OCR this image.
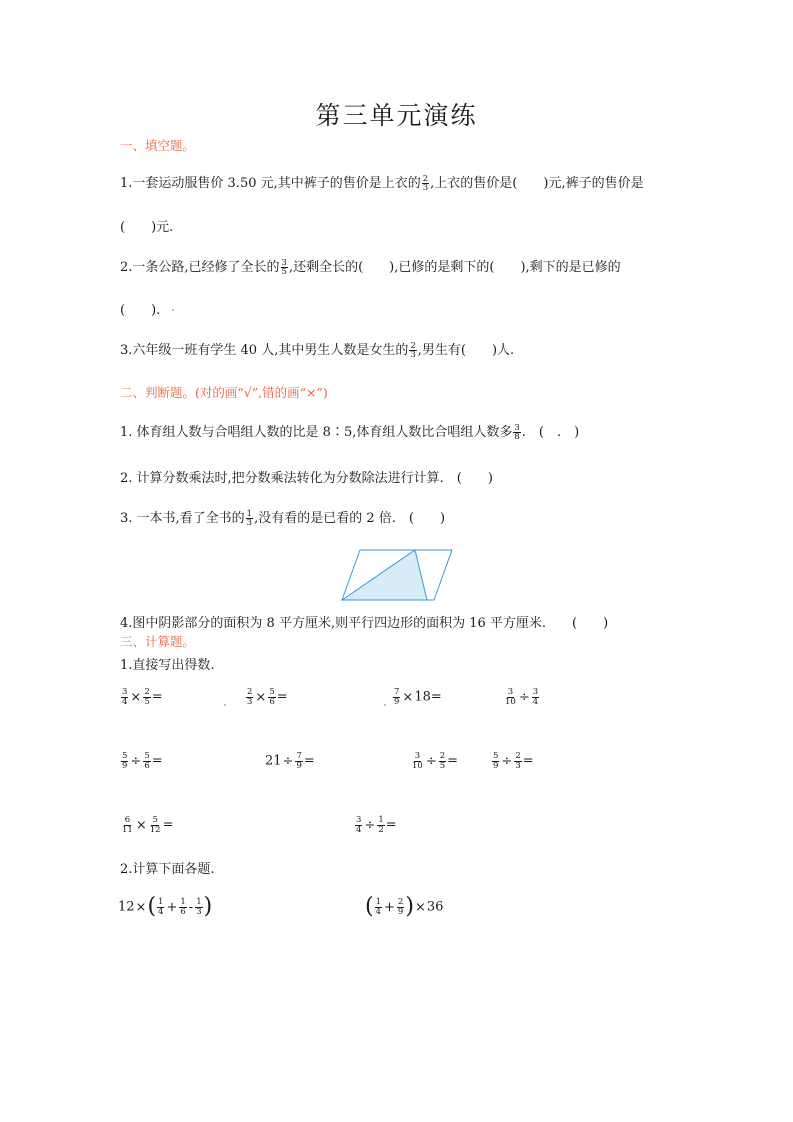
第三单元演练
一、填空题。
1.一套运动服售价 3.50 元,其中裤子的售价是上衣的 $\frac{2}{3}$ ,上衣的售价是(　　)元,裤子的售价是
(　　)元.
2.一条公路,已经修了全长的 $\frac{3}{5}$ ,还剩全长的(　　),已修的是剩下的(　　),剩下的是已修的
(　　).
3.六年级一班有学生 40 人,其中男生人数是女生的 $\frac{2}{3}$ ,男生有(　　)人.
二、判断题。(对的画“√”,错的画“×”)
1. 体育组人数与合唱组人数的比是 8∶5,体育组人数比合唱组人数多 $\frac{3}{8}$ .　(　.　)
2. 计算分数乘法时,把分数乘法转化为分数除法进行计算.　(　　)
3. 一本书,看了全书的 $\frac{1}{3}$ ,没有看的是已看的 2 倍.　(　　)
4.图中阴影部分的面积为 8 平方厘米,则平行四边形的面积为 16 平方厘米.　　(　　)
三、计算题。
1.直接写出得数.
$\frac{3}{4} \times \frac{2}{5}$ =	$\frac{2}{3} \times \frac{5}{6}$ =	$\frac{7}{9} \times 18=$	$\frac{3}{10} \div \frac{3}{4}$
$\frac{5}{9} \div \frac{5}{6}$ =	$21\div \frac{7}{9}$ =	$\frac{3}{10} \div \frac{2}{5}$ =	$\frac{5}{9} \div \frac{2}{3}$ =
$\frac{6}{11} \times \frac{5}{12}$ =	$\frac{3}{4} \div \frac{1}{2}$ =
2.计算下面各题.
$12\times( \frac{1}{4} + \frac{1}{6} - \frac{1}{3}$ )	( $\frac{1}{4} + \frac{2}{9} )\times 36$
